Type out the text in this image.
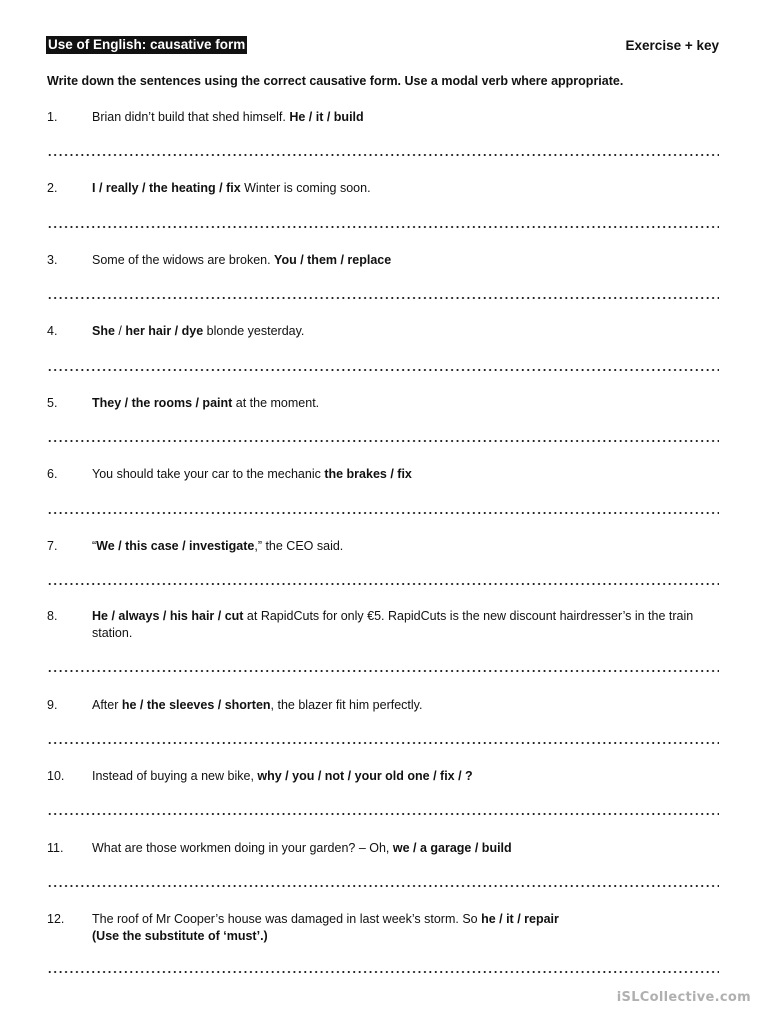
Use of English: causative form	Exercise + key
Write down the sentences using the correct causative form. Use a modal verb where appropriate.
1.	Brian didn’t build that shed himself. He / it / build
2.	I / really / the heating / fix Winter is coming soon.
3.	Some of the widows are broken. You / them / replace
4.	She / her hair / dye blonde yesterday.
5.	They / the rooms / paint at the moment.
6.	You should take your car to the mechanic the brakes / fix
7.	“We / this case / investigate,” the CEO said.
8.	He / always / his hair / cut at RapidCuts for only €5. RapidCuts is the new discount hairdresser’s in the train station.
9.	After he / the sleeves / shorten, the blazer fit him perfectly.
10.	Instead of buying a new bike, why / you / not / your old one / fix / ?
11.	What are those workmen doing in your garden? – Oh, we / a garage / build
12.	The roof of Mr Cooper’s house was damaged in last week’s storm. So he / it / repair
(Use the substitute of ‘must’.)
iSLCollective.com
